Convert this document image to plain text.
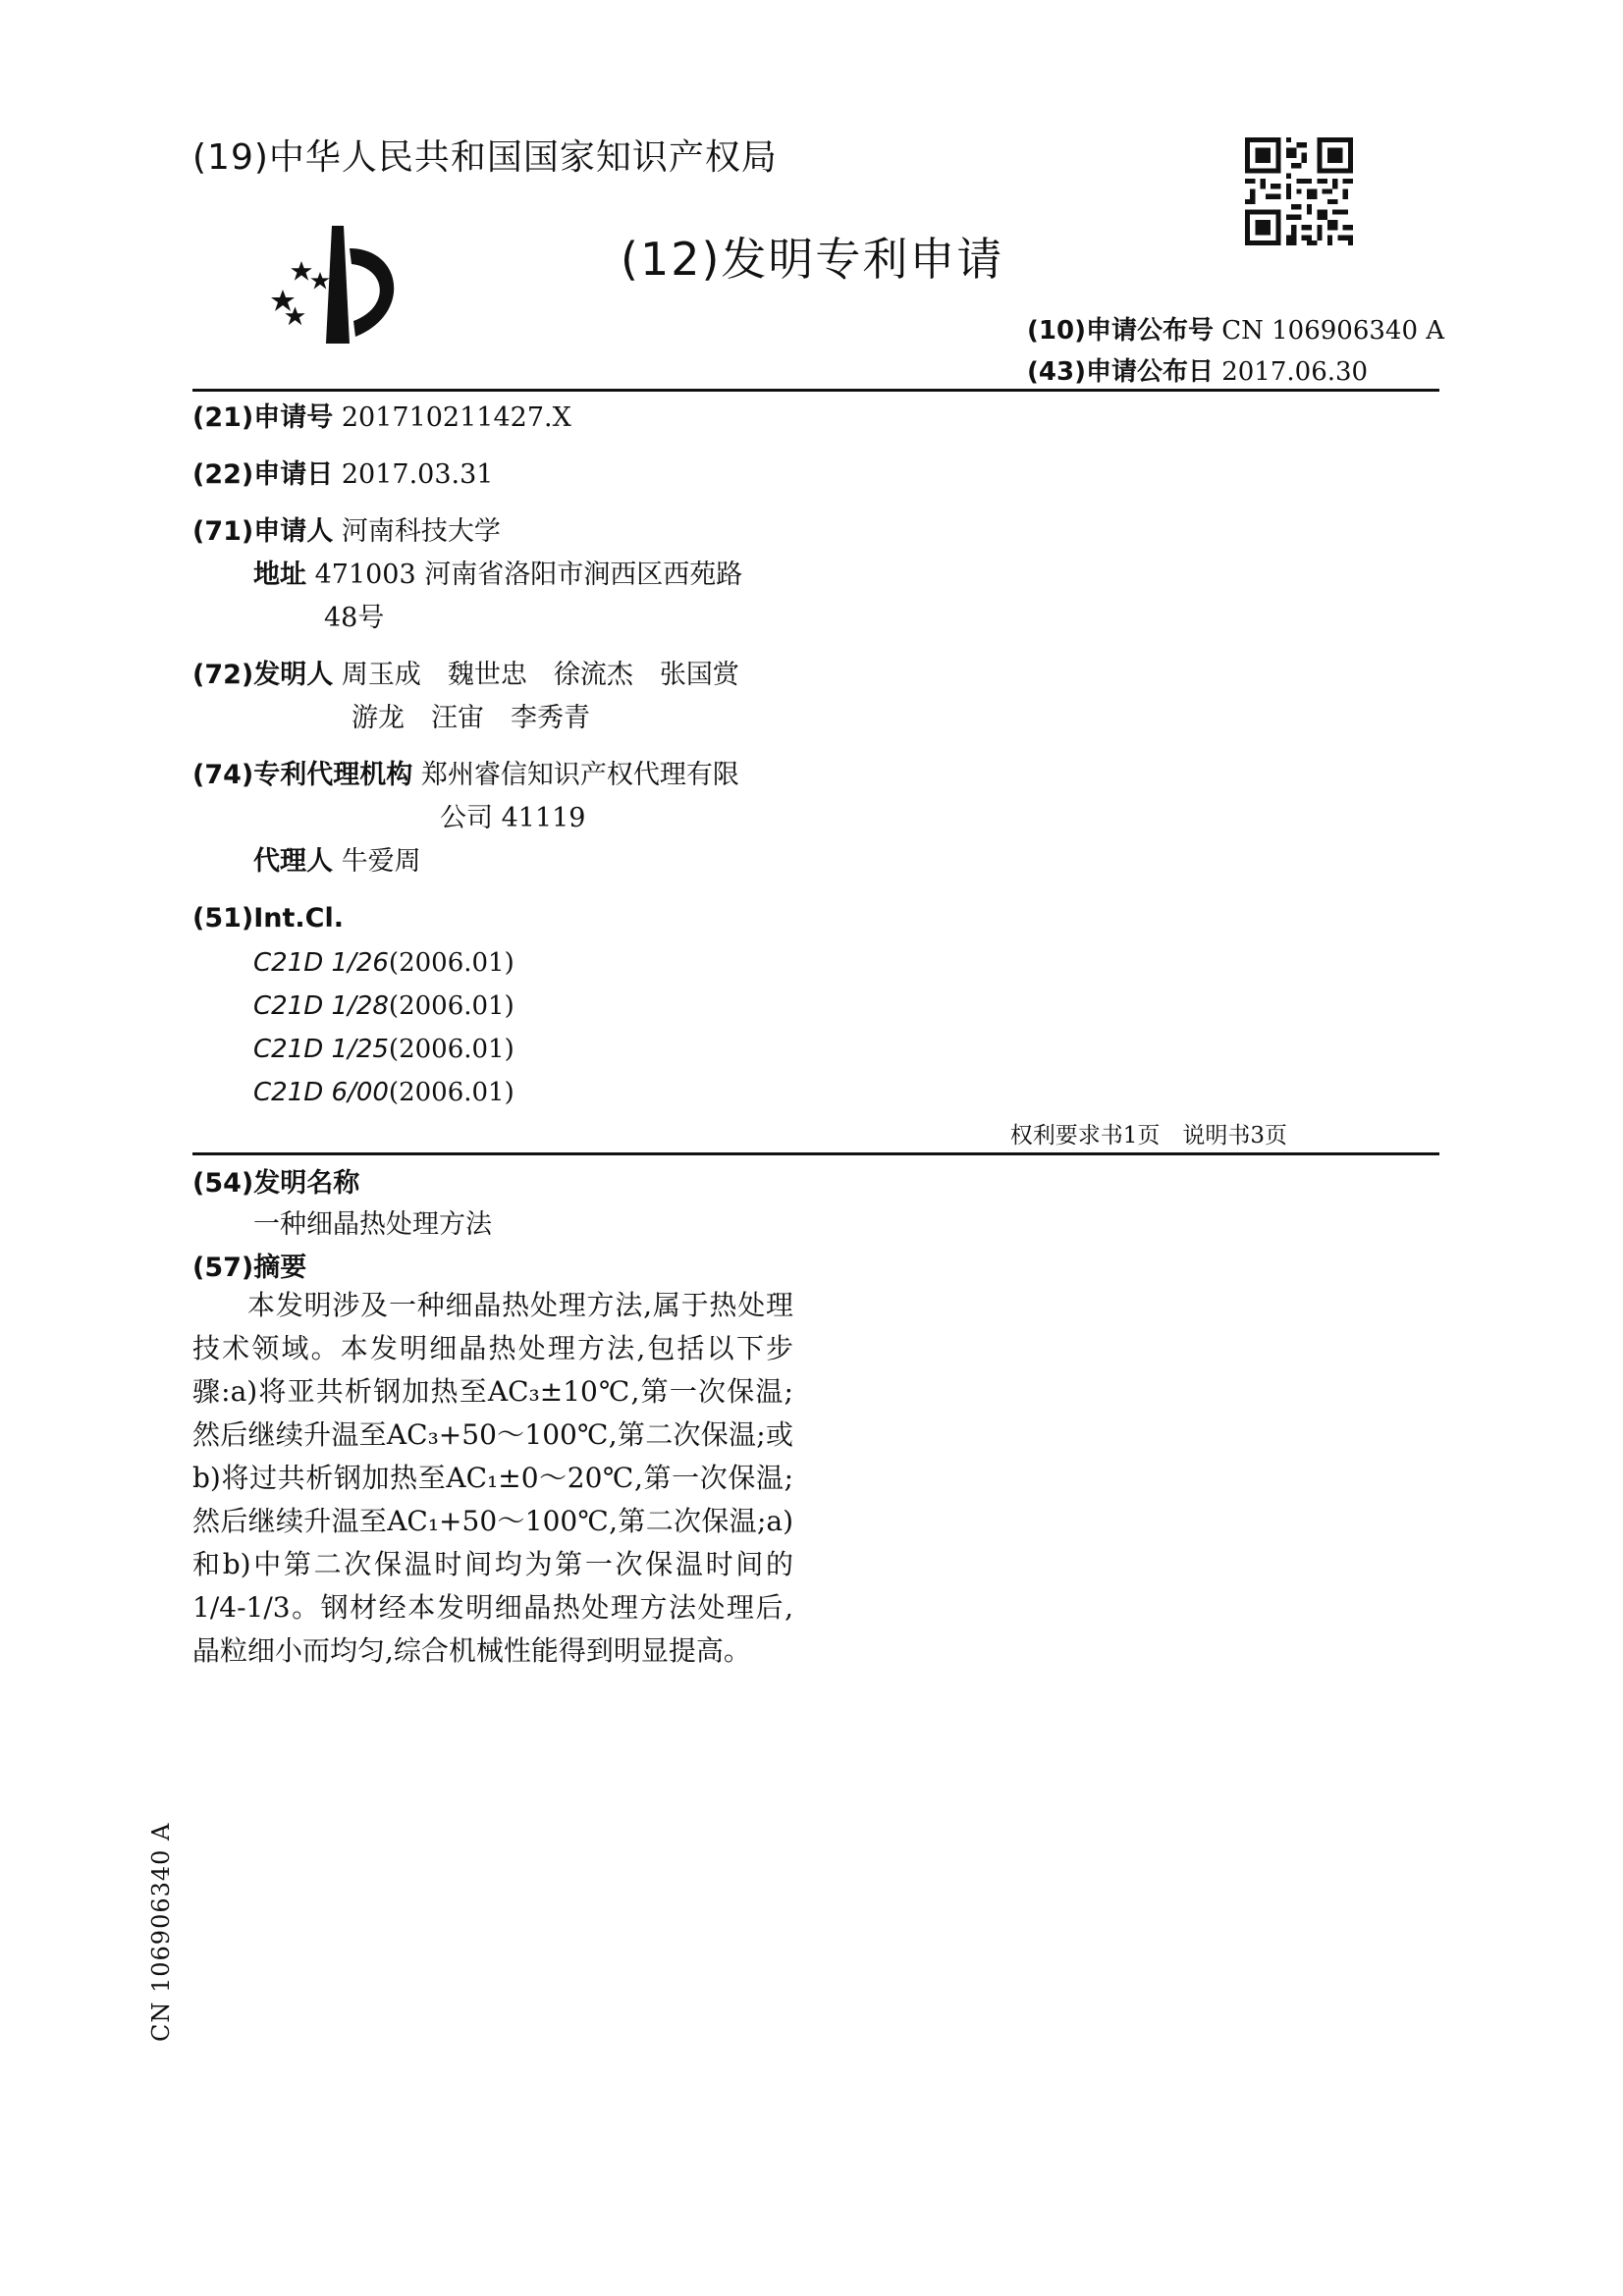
(19)中华人民共和国国家知识产权局
(12)发明专利申请
(10)申请公布号 CN 106906340 A
(43)申请公布日 2017.06.30
(21)申请号 201710211427.X
(22)申请日 2017.03.31
(71)申请人 河南科技大学
地址 471003 河南省洛阳市涧西区西苑路
48号
(72)发明人 周玉成　魏世忠　徐流杰　张国赏
游龙　汪宙　李秀青
(74)专利代理机构 郑州睿信知识产权代理有限
公司 41119
代理人 牛爱周
(51)Int.Cl.
C21D 1/26(2006.01)
C21D 1/28(2006.01)
C21D 1/25(2006.01)
C21D 6/00(2006.01)
权利要求书1页　说明书3页
(54)发明名称
一种细晶热处理方法
(57)摘要
本发明涉及一种细晶热处理方法,属于热处理技术领域。本发明细晶热处理方法,包括以下步骤:a)将亚共析钢加热至AC₃±10℃,第一次保温;然后继续升温至AC₃+50～100℃,第二次保温;或b)将过共析钢加热至AC₁±0～20℃,第一次保温;然后继续升温至AC₁+50～100℃,第二次保温;a)和b)中第二次保温时间均为第一次保温时间的1/4-1/3。钢材经本发明细晶热处理方法处理后,晶粒细小而均匀,综合机械性能得到明显提高。
CN 106906340 A
